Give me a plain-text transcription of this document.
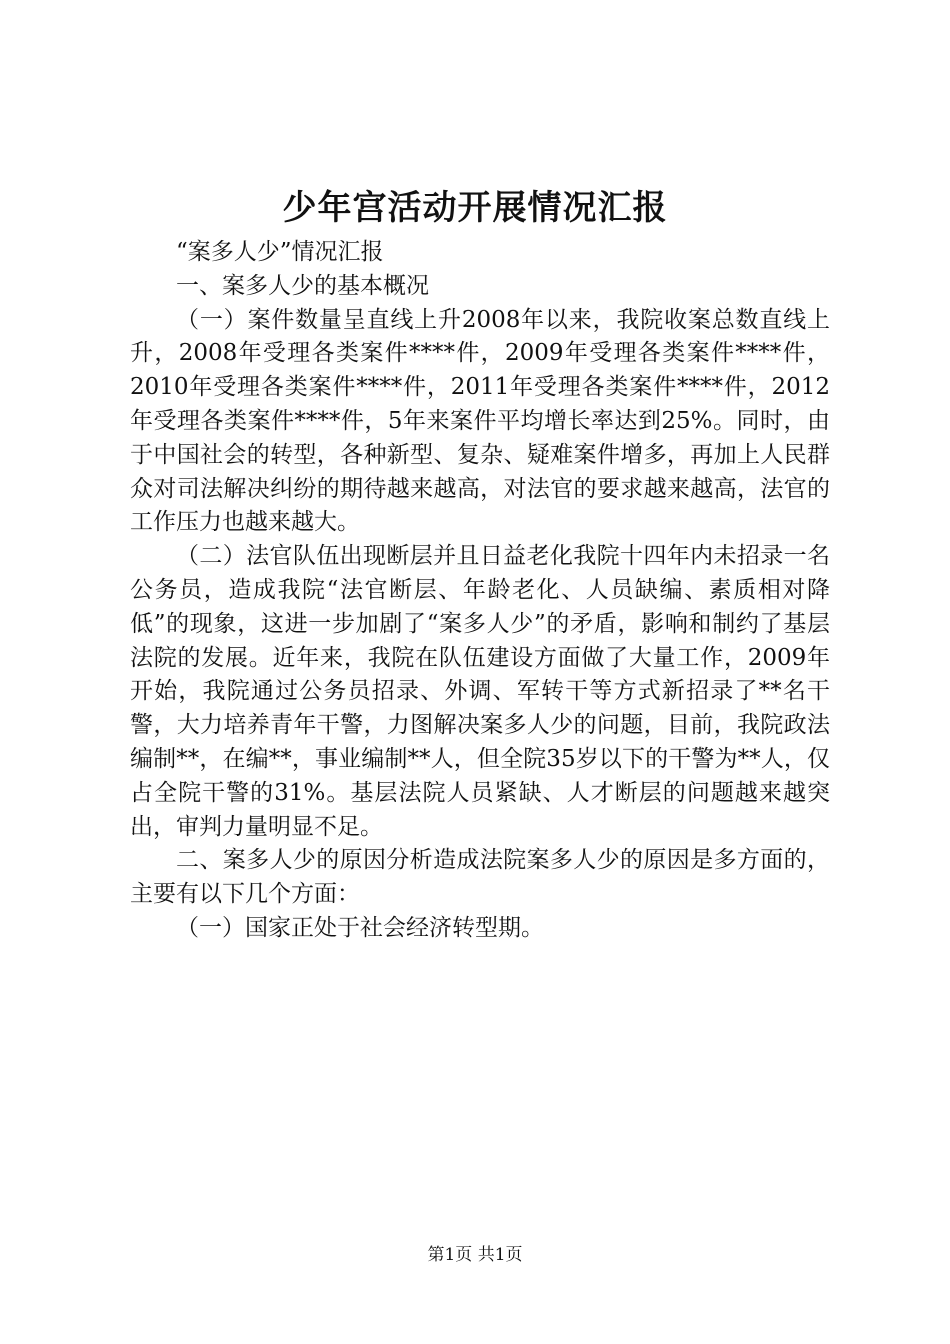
少年宫活动开展情况汇报

“案多人少”情况汇报

一、案多人少的基本概况

（一）案件数量呈直线上升2008年以来，我院收案总数直线上升，2008年受理各类案件****件，2009年受理各类案件****件，2010年受理各类案件****件，2011年受理各类案件****件，2012年受理各类案件****件，5年来案件平均增长率达到25%。同时，由于中国社会的转型，各种新型、复杂、疑难案件增多，再加上人民群众对司法解决纠纷的期待越来越高，对法官的要求越来越高，法官的工作压力也越来越大。

（二）法官队伍出现断层并且日益老化我院十四年内未招录一名公务员，造成我院“法官断层、年龄老化、人员缺编、素质相对降低”的现象，这进一步加剧了“案多人少”的矛盾，影响和制约了基层法院的发展。近年来，我院在队伍建设方面做了大量工作，2009年开始，我院通过公务员招录、外调、军转干等方式新招录了**名干警，大力培养青年干警，力图解决案多人少的问题，目前，我院政法编制**，在编**，事业编制**人，但全院35岁以下的干警为**人，仅占全院干警的31%。基层法院人员紧缺、人才断层的问题越来越突出，审判力量明显不足。

二、案多人少的原因分析造成法院案多人少的原因是多方面的，主要有以下几个方面：

（一）国家正处于社会经济转型期。

第1页 共1页
